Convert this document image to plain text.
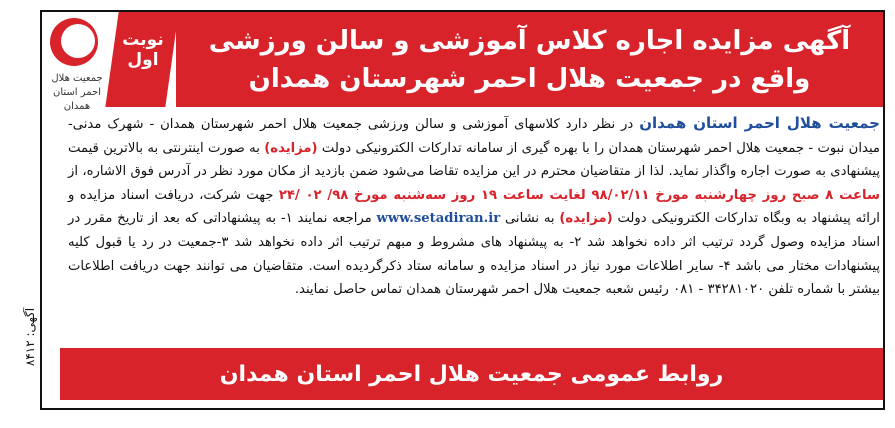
جمعیت هلال احمر استان همدان
نوبت اول
آگهی مزایده اجاره کلاس آموزشی و سالن ورزشی
واقع در جمعیت هلال احمر شهرستان همدان
جمعیت هلال احمر استان همدان در نظر دارد کلاسهای آموزشی و سالن ورزشی جمعیت هلال احمر شهرستان همدان - شهرک مدنی- میدان نبوت - جمعیت هلال احمر شهرستان همدان را با بهره گیری از سامانه تدارکات الکترونیکی دولت (مزایده) به صورت اینترنتی به بالاترین قیمت پیشنهادی به صورت اجاره واگذار نماید. لذا از متقاضیان محترم در این مزایده تقاضا می‌شود ضمن بازدید از مکان مورد نظر در آدرس فوق الاشاره، از ساعت ۸ صبح روز چهارشنبه مورخ ۹۸/۰۲/۱۱ لغایت ساعت ۱۹ روز سه‌شنبه مورخ ۹۸/ ۰۲ /۲۴ جهت شرکت، دریافت اسناد مزایده و ارائه پیشنهاد به وبگاه تدارکات الکترونیکی دولت (مزایده) به نشانی www.setadiran.ir مراجعه نمایند ۱- به پیشنهاداتی که بعد از تاریخ مقرر در اسناد مزایده وصول گردد ترتیب اثر داده نخواهد شد ۲- به پیشنهاد های مشروط و مبهم ترتیب اثر داده نخواهد شد ۳-جمعیت در رد یا قبول کلیه پیشنهادات مختار می باشد ۴- سایر اطلاعات مورد نیاز در اسناد مزایده و سامانه ستاد ذکرگردیده است. متقاضیان می توانند جهت دریافت اطلاعات بیشتر با شماره تلفن ۳۴۲۸۱۰۲۰ - ۰۸۱ رئیس شعبه جمعیت هلال احمر شهرستان همدان تماس حاصل نمایند.
آگهی: ۸۴۱۲
روابط عمومی جمعیت هلال احمر استان همدان
